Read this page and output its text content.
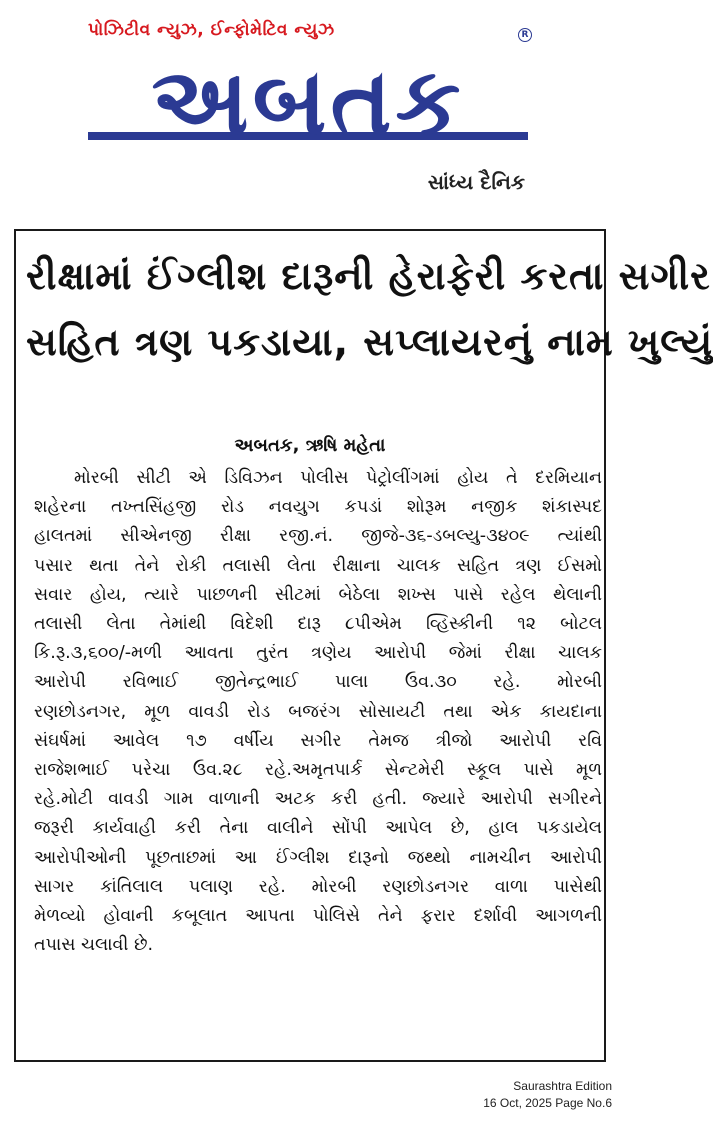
પોઝિટીવ ન્યુઝ, ઈન્ફોમેટિવ ન્યુઝ
અબતક
R
સાંધ્ય દૈનિક
રીક્ષામાં ઈંગ્લીશ દારૂની હેરાફેરી કરતા સગીર
સહિત ત્રણ પકડાયા, સપ્લાયરનું નામ ખુલ્યું
અબતક, ઋષિ મહેતા
મોરબી સીટી એ ડિવિઝન પોલીસ પેટ્રોલીંગમાં હોય તે દરમિયાન
શહેરના તખ્તસિંહજી રોડ નવયુગ કપડાં શોરૂમ નજીક શંકાસ્પદ
હાલતમાં સીએનજી રીક્ષા રજી.નં. જીજે-૩૬-ડબલ્યુ-૩૪૦૯ ત્યાંથી
પસાર થતા તેને રોકી તલાસી લેતા રીક્ષાના ચાલક સહિત ત્રણ ઈસમો
સવાર હોય, ત્યારે પાછળની સીટમાં બેઠેલા શખ્સ પાસે રહેલ થેલાની
તલાસી લેતા તેમાંથી વિદેશી દારૂ ૮પીએમ વ્હિસ્કીની ૧૨ બોટલ
કિ.રૂ.૩,૬૦૦/-મળી આવતા તુરંત ત્રણેય આરોપી જેમાં રીક્ષા ચાલક
આરોપી રવિભાઈ જીતેન્દ્રભાઈ પાલા ઉવ.૩૦ રહે. મોરબી
રણછોડનગર, મૂળ વાવડી રોડ બજરંગ સોસાયટી તથા એક કાયદાના
સંઘર્ષમાં આવેલ ૧૭ વર્ષીય સગીર તેમજ ત્રીજો આરોપી રવિ
રાજેશભાઈ પરેચા ઉવ.૨૮ રહે.અમૃતપાર્ક સેન્ટમેરી સ્કૂલ પાસે મૂળ
રહે.મોટી વાવડી ગામ વાળાની અટક કરી હતી. જ્યારે આરોપી સગીરને
જરૂરી કાર્યવાહી કરી તેના વાલીને સોંપી આપેલ છે, હાલ પકડાયેલ
આરોપીઓની પૂછતાછમાં આ ઈંગ્લીશ દારૂનો જથ્થો નામચીન આરોપી
સાગર કાંતિલાલ પલાણ રહે. મોરબી રણછોડનગર વાળા પાસેથી
મેળવ્યો હોવાની કબૂલાત આપતા પોલિસે તેને ફરાર દર્શાવી આગળની
તપાસ ચલાવી છે.
Saurashtra Edition
16 Oct, 2025 Page No.6
